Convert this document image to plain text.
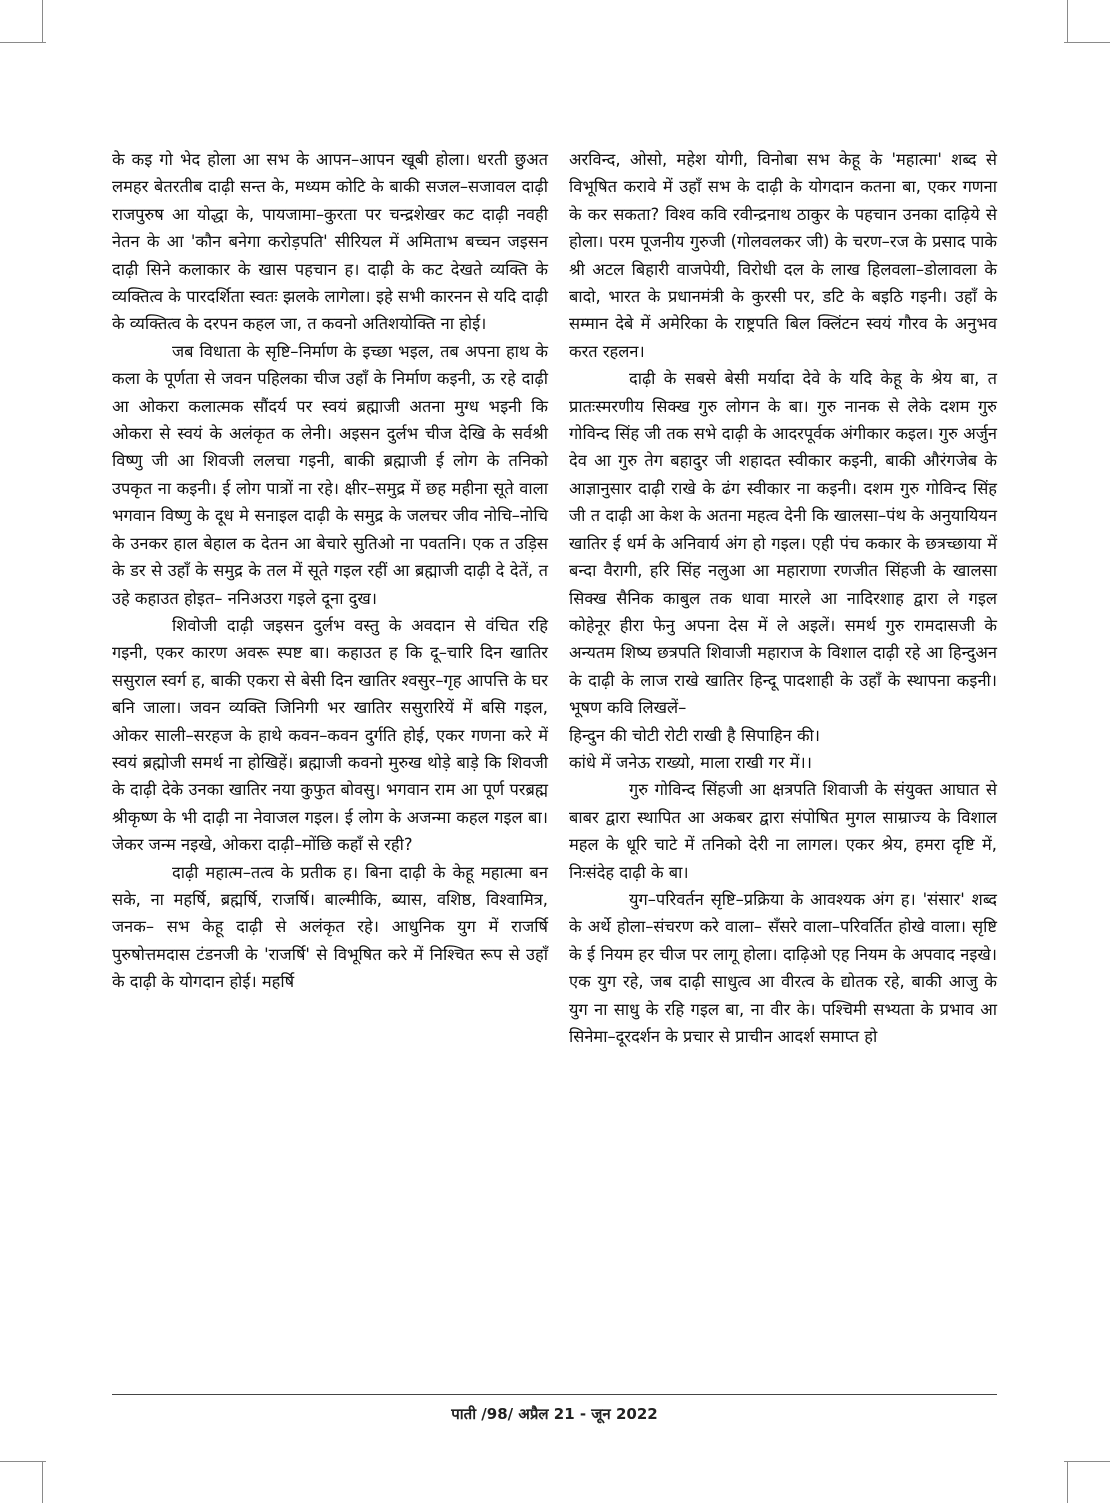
के कइ गो भेद होला आ सभ के आपन–आपन खूबी होला। धरती छुअत लमहर बेतरतीब दाढ़ी सन्त के, मध्यम कोटि के बाकी सजल–सजावल दाढ़ी राजपुरुष आ योद्धा के, पायजामा–कुरता पर चन्द्रशेखर कट दाढ़ी नवही नेतन के आ 'कौन बनेगा करोड़पति' सीरियल में अमिताभ बच्चन जइसन दाढ़ी सिने कलाकार के खास पहचान ह। दाढ़ी के कट देखते व्यक्ति के व्यक्तित्व के पारदर्शिता स्वतः झलके लागेला। इहे सभी कारनन से यदि दाढ़ी के व्यक्तित्व के दरपन कहल जा, त कवनो अतिशयोक्ति ना होई।

जब विधाता के सृष्टि–निर्माण के इच्छा भइल, तब अपना हाथ के कला के पूर्णता से जवन पहिलका चीज उहाँ के निर्माण कइनी, ऊ रहे दाढ़ी आ ओकरा कलात्मक सौंदर्य पर स्वयं ब्रह्माजी अतना मुग्ध भइनी कि ओकरा से स्वयं के अलंकृत क लेनी। अइसन दुर्लभ चीज देखि के सर्वश्री विष्णु जी आ शिवजी ललचा गइनी, बाकी ब्रह्माजी ई लोग के तनिको उपकृत ना कइनी। ई लोग पात्रों ना रहे। क्षीर–समुद्र में छह महीना सूते वाला भगवान विष्णु के दूध मे सनाइल दाढ़ी के समुद्र के जलचर जीव नोचि–नोचि के उनकर हाल बेहाल क देतन आ बेचारे सुतिओ ना पवतनि। एक त उड़िस के डर से उहाँ के समुद्र के तल में सूते गइल रहीं आ ब्रह्माजी दाढ़ी दे देतें, त उहे कहाउत होइत– ननिअउरा गइले दूना दुख।

शिवोजी दाढ़ी जइसन दुर्लभ वस्तु के अवदान से वंचित रहि गइनी, एकर कारण अवरू स्पष्ट बा। कहाउत ह कि दू–चारि दिन खातिर ससुराल स्वर्ग ह, बाकी एकरा से बेसी दिन खातिर श्वसुर–गृह आपत्ति के घर बनि जाला। जवन व्यक्ति जिनिगी भर खातिर ससुरारियें में बसि गइल, ओकर साली–सरहज के हाथे कवन–कवन दुर्गति होई, एकर गणना करे में स्वयं ब्रह्मोजी समर्थ ना होखिहें। ब्रह्माजी कवनो मुरुख थोड़े बाड़े कि शिवजी के दाढ़ी देके उनका खातिर नया कुफुत बोवसु। भगवान राम आ पूर्ण परब्रह्म श्रीकृष्ण के भी दाढ़ी ना नेवाजल गइल। ई लोग के अजन्मा कहल गइल बा। जेकर जन्म नइखे, ओकरा दाढ़ी–मोंछि कहाँ से रही?

दाढ़ी महात्म–तत्व के प्रतीक ह। बिना दाढ़ी के केहू महात्मा बन सके, ना महर्षि, ब्रह्मर्षि, राजर्षि। बाल्मीकि, ब्यास, वशिष्ठ, विश्वामित्र, जनक– सभ केहू दाढ़ी से अलंकृत रहे। आधुनिक युग में राजर्षि पुरुषोत्तमदास टंडनजी के 'राजर्षि' से विभूषित करे में निश्चित रूप से उहाँ के दाढ़ी के योगदान होई। महर्षि

अरविन्द, ओसो, महेश योगी, विनोबा सभ केहू के 'महात्मा' शब्द से विभूषित करावे में उहाँ सभ के दाढ़ी के योगदान कतना बा, एकर गणना के कर सकता? विश्व कवि रवीन्द्रनाथ ठाकुर के पहचान उनका दाढ़िये से होला। परम पूजनीय गुरुजी (गोलवलकर जी) के चरण–रज के प्रसाद पाके श्री अटल बिहारी वाजपेयी, विरोधी दल के लाख हिलवला–डोलावला के बादो, भारत के प्रधानमंत्री के कुरसी पर, डटि के बइठि गइनी। उहाँ के सम्मान देबे में अमेरिका के राष्ट्रपति बिल क्लिंटन स्वयं गौरव के अनुभव करत रहलन।

दाढ़ी के सबसे बेसी मर्यादा देवे के यदि केहू के श्रेय बा, त प्रातःस्मरणीय सिक्ख गुरु लोगन के बा। गुरु नानक से लेके दशम गुरु गोविन्द सिंह जी तक सभे दाढ़ी के आदरपूर्वक अंगीकार कइल। गुरु अर्जुन देव आ गुरु तेग बहादुर जी शहादत स्वीकार कइनी, बाकी औरंगजेब के आज्ञानुसार दाढ़ी राखे के ढंग स्वीकार ना कइनी। दशम गुरु गोविन्द सिंह जी त दाढ़ी आ केश के अतना महत्व देनी कि खालसा–पंथ के अनुयायियन खातिर ई धर्म के अनिवार्य अंग हो गइल। एही पंच ककार के छत्रच्छाया में बन्दा वैरागी, हरि सिंह नलुआ आ महाराणा रणजीत सिंहजी के खालसा सिक्ख सैनिक काबुल तक धावा मारले आ नादिरशाह द्वारा ले गइल कोहेनूर हीरा फेनु अपना देस में ले अइलें। समर्थ गुरु रामदासजी के अन्यतम शिष्य छत्रपति शिवाजी महाराज के विशाल दाढ़ी रहे आ हिन्दुअन के दाढ़ी के लाज राखे खातिर हिन्दू पादशाही के उहाँ के स्थापना कइनी। भूषण कवि लिखलें–

हिन्दुन की चोटी रोटी राखी है सिपाहिन की।
कांधे में जनेऊ राख्यो, माला राखी गर में।।

गुरु गोविन्द सिंहजी आ क्षत्रपति शिवाजी के संयुक्त आघात से बाबर द्वारा स्थापित आ अकबर द्वारा संपोषित मुगल साम्राज्य के विशाल महल के धूरि चाटे में तनिको देरी ना लागल। एकर श्रेय, हमरा दृष्टि में, निःसंदेह दाढ़ी के बा।

युग–परिवर्तन सृष्टि–प्रक्रिया के आवश्यक अंग ह। 'संसार' शब्द के अर्थे होला–संचरण करे वाला– सँसरे वाला–परिवर्तित होखे वाला। सृष्टि के ई नियम हर चीज पर लागू होला। दाढ़िओ एह नियम के अपवाद नइखे। एक युग रहे, जब दाढ़ी साधुत्व आ वीरत्व के द्योतक रहे, बाकी आजु के युग ना साधु के रहि गइल बा, ना वीर के। पश्चिमी सभ्यता के प्रभाव आ सिनेमा–दूरदर्शन के प्रचार से प्राचीन आदर्श समाप्त हो

पाती /98/ अप्रैल 21 - जून 2022
